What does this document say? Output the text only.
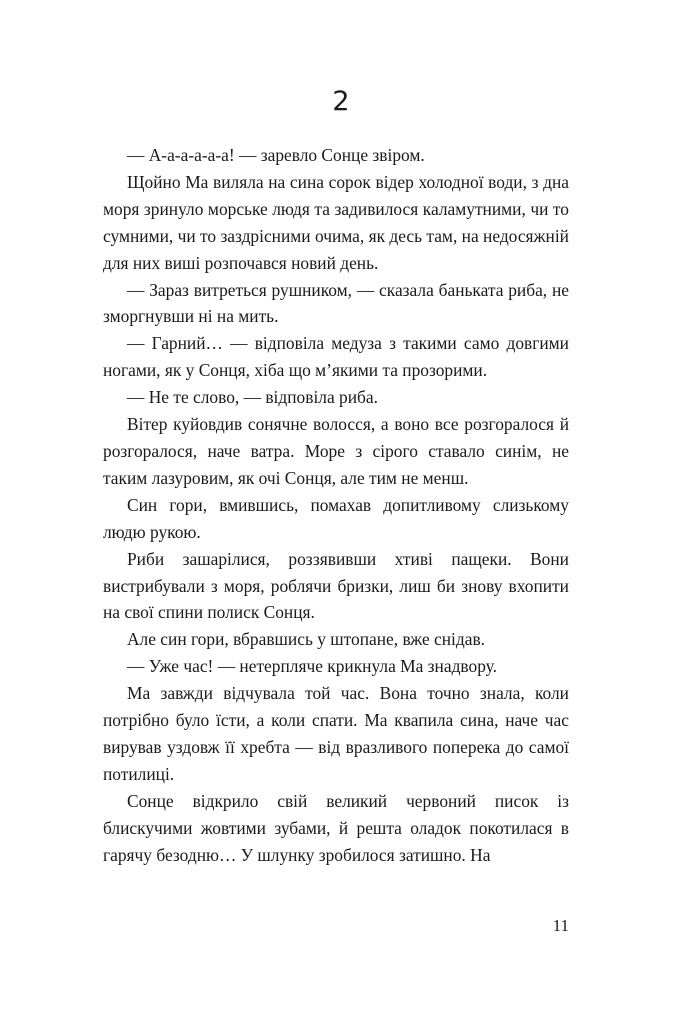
2

— А-а-а-а-а-а! — заревло Сонце звіром.

Щойно Ма виляла на сина сорок відер холодної води, з дна моря зринуло морське людя та задивилося каламутними, чи то сумними, чи то заздрісними очима, як десь там, на недосяжній для них виші розпочався новий день.

— Зараз витреться рушником, — сказала баньката риба, не зморгнувши ні на мить.

— Гарний… — відповіла медуза з такими само довгими ногами, як у Сонця, хіба що м’якими та прозорими.

— Не те слово, — відповіла риба.

Вітер куйовдив сонячне волосся, а воно все розгоралося й розгоралося, наче ватра. Море з сірого ставало синім, не таким лазуровим, як очі Сонця, але тим не менш.

Син гори, вмившись, помахав допитливому слизькому людю рукою.

Риби зашарілися, роззявивши хтиві пащеки. Вони вистрибували з моря, роблячи бризки, лиш би знову вхопити на свої спини полиск Сонця.

Але син гори, вбравшись у штопане, вже снідав.

— Уже час! — нетерпляче крикнула Ма знадвору.

Ма завжди відчувала той час. Вона точно знала, коли потрібно було їсти, а коли спати. Ма квапила сина, наче час вирував уздовж її хребта — від вразливого поперека до самої потилиці.

Сонце відкрило свій великий червоний писок із блискучими жовтими зубами, й решта оладок покотилася в гарячу безодню… У шлунку зробилося затишно. На

11
